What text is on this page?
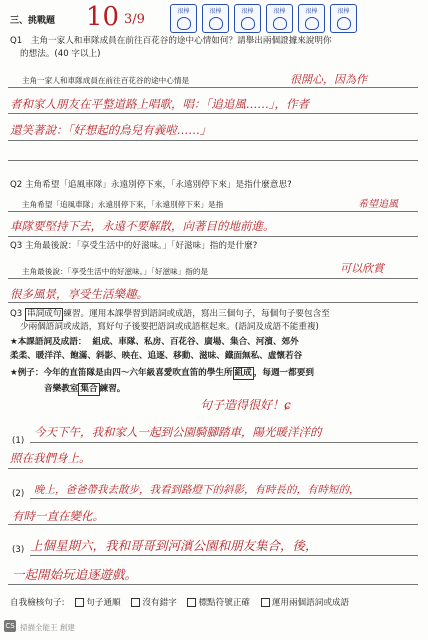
三、挑戰題 10 3/9
很棒	很棒	很棒	很棒	很棒	很棒
Q1　主角一家人和車隊成員在前往百花谷的途中心情如何？請舉出兩個證據來說明你
的想法。(40 字以上)
主角一家人和車隊成員在前往百花谷的途中心情是	很開心，因為作
者和家人朋友在平整道路上唱歌，唱：「追追風……」，作者
還笑著說：「好想起的鳥兒有義啦……」
Q2 主角希望「追風車隊」永遠別停下來，「永遠別停下來」是指什麼意思?
主角希望「追風車隊」永遠別停下來，「永遠別停下來」是指	希望追風
車隊要堅持下去，永遠不要解散，向著目的地前進。
Q3 主角最後說：「享受生活中的好滋味。」「好滋味」指的是什麼?
主角最後說：「享受生活中的好滋味。」「好滋味」指的是	可以欣賞
很多風景，享受生活樂趣。
Q3 串詞成句 練習。運用本課學習到語詞或成語，寫出三個句子，每個句子要包含至
少兩個語詞或成語，寫好句子後要把語詞或成語框起來。(語詞及成語不能重複)
★本課語詞及成語： 組成、車隊、私房、百花谷、廣場、集合、河濱、郊外
柔柔、暖洋洋、飽滿、斜影、映在、追逐、移動、滋味、鐵面無私、虛懷若谷
★例子：今年的直笛隊是由四～六年級喜愛吹直笛的學生所 組成 ，每週一都要到
音樂教室 集合 練習。
句子造得很好！ɕ
(1)
今天下午，我和家人一起到公園騎腳踏車，陽光暖洋洋的
照在我們身上。
(2) 晚上，爸爸帶我去散步，我看到路燈下的斜影，有時長的，有時短的，
有時一直在變化。
(3) 上個星期六，我和哥哥到河濱公園和朋友集合，後，
一起開始玩追逐遊戲。
自我檢核句子:	句子通順	沒有錯字	標點符號正確	運用兩個語詞或成語
CS 掃描全能王 創建
